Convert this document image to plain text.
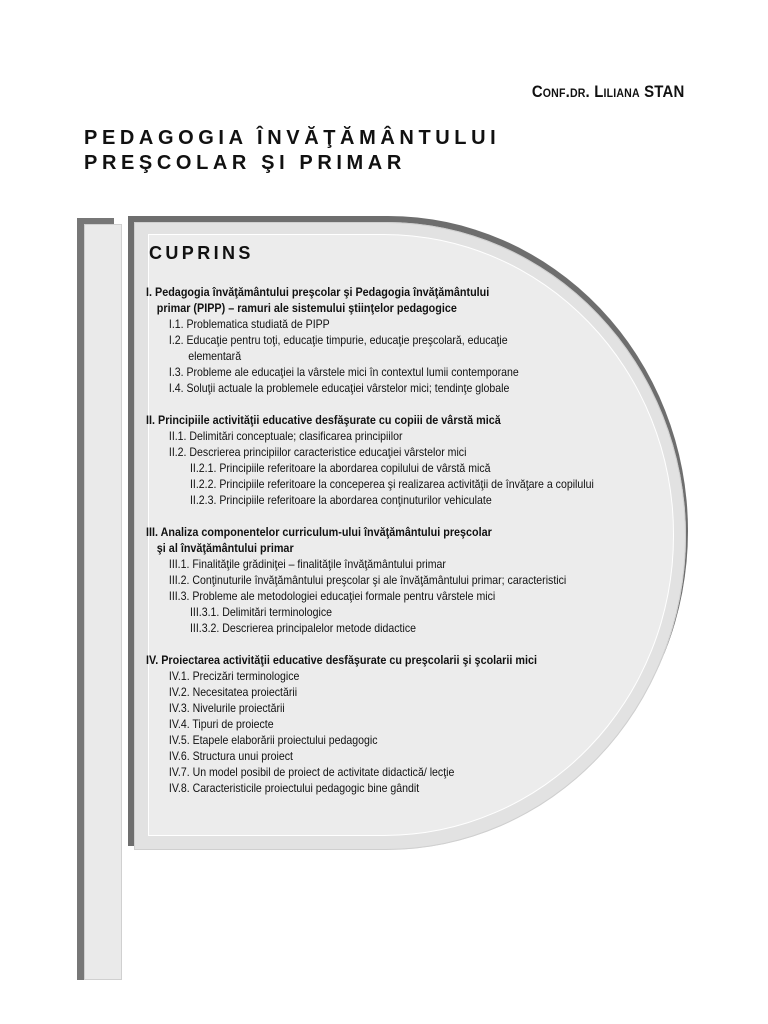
Conf.dr. Liliana STAN
PEDAGOGIA ÎNVĂŢĂMÂNTULUI
PREŞCOLAR ŞI PRIMAR
CUPRINS
I. Pedagogia învăţământului preşcolar şi Pedagogia învăţământului
primar (PIPP) – ramuri ale sistemului ştiinţelor pedagogice
I.1. Problematica studiată de PIPP
I.2. Educaţie pentru toţi, educaţie timpurie, educaţie preşcolară, educaţie
elementară
I.3. Probleme ale educaţiei la vârstele mici în contextul lumii contemporane
I.4. Soluţii actuale la problemele educaţiei vârstelor mici; tendinţe globale
II. Principiile activităţii educative desfăşurate cu copiii de vârstă mică
II.1. Delimitări conceptuale; clasificarea principiilor
II.2. Descrierea principiilor caracteristice educaţiei vârstelor mici
II.2.1. Principiile referitoare la abordarea copilului de vârstă mică
II.2.2. Principiile referitoare la conceperea şi realizarea activităţii de învăţare a copilului
II.2.3. Principiile referitoare la abordarea conţinuturilor vehiculate
III. Analiza componentelor curriculum-ului învăţământului preşcolar
şi al învăţământului primar
III.1. Finalităţile grădiniţei – finalităţile învăţământului primar
III.2. Conţinuturile învăţământului preşcolar şi ale învăţământului primar; caracteristici
III.3. Probleme ale metodologiei educaţiei formale pentru vârstele mici
III.3.1. Delimitări terminologice
III.3.2. Descrierea principalelor metode didactice
IV. Proiectarea activităţii educative desfăşurate cu preşcolarii şi şcolarii mici
IV.1. Precizări terminologice
IV.2. Necesitatea proiectării
IV.3. Nivelurile proiectării
IV.4. Tipuri de proiecte
IV.5. Etapele elaborării proiectului pedagogic
IV.6. Structura unui proiect
IV.7. Un model posibil de proiect de activitate didactică/ lecţie
IV.8. Caracteristicile proiectului pedagogic bine gândit
